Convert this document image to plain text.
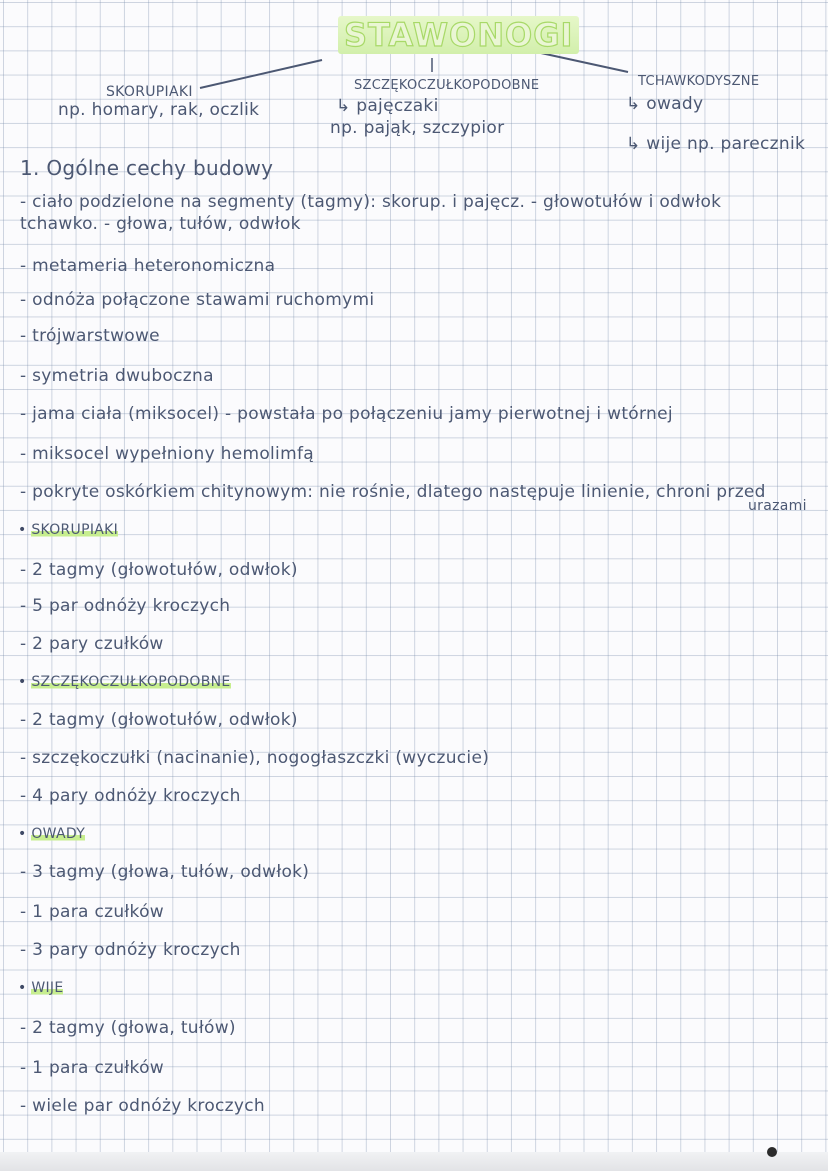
STAWONOGI
SKORUPIAKI
np. homary, rak, oczlik
SZCZĘKOCZUŁKOPODOBNE
↳ pajęczaki
np. pająk, szczypior
TCHAWKODYSZNE
↳ owady
↳ wije np. parecznik
1. Ogólne cechy budowy
- ciało podzielone na segmenty (tagmy): skorup. i pajęcz. - głowotułów i odwłok
tchawko. - głowa, tułów, odwłok
- metameria heteronomiczna
- odnóża połączone stawami ruchomymi
- trójwarstwowe
- symetria dwuboczna
- jama ciała (miksocel) - powstała po połączeniu jamy pierwotnej i wtórnej
- miksocel wypełniony hemolimfą
- pokryte oskórkiem chitynowym: nie rośnie, dlatego następuje linienie, chroni przed
urazami
• SKORUPIAKI
- 2 tagmy (głowotułów, odwłok)
- 5 par odnóży kroczych
- 2 pary czułków
• SZCZĘKOCZUŁKOPODOBNE
- 2 tagmy (głowotułów, odwłok)
- szczękoczułki (nacinanie), nogogłaszczki (wyczucie)
- 4 pary odnóży kroczych
• OWADY
- 3 tagmy (głowa, tułów, odwłok)
- 1 para czułków
- 3 pary odnóży kroczych
• WIJE
- 2 tagmy (głowa, tułów)
- 1 para czułków
- wiele par odnóży kroczych
